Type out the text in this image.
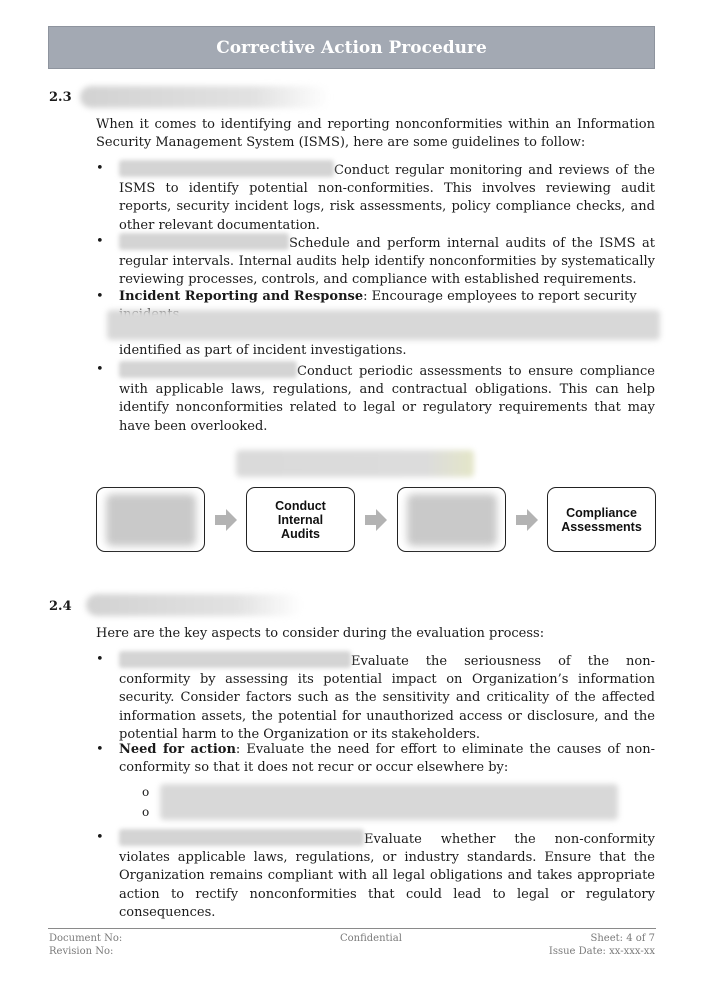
Corrective Action Procedure
2.3
When it comes to identifying and reporting nonconformities within an Information Security Management System (ISMS), here are some guidelines to follow:
•	Conduct regular monitoring and reviews of the ISMS to identify potential non-conformities. This involves reviewing audit reports, security incident logs, risk assessments, policy compliance checks, and other relevant documentation.
•	Schedule and perform internal audits of the ISMS at regular intervals. Internal audits help identify nonconformities by systematically reviewing processes, controls, and compliance with established requirements.
• Incident Reporting and Response: Encourage employees to report security
identified as part of incident investigations.
•	Conduct periodic assessments to ensure compliance with applicable laws, regulations, and contractual obligations. This can help identify nonconformities related to legal or regulatory requirements that may have been overlooked.
Conduct Internal Audits
Compliance Assessments
2.4
Here are the key aspects to consider during the evaluation process:
•	Evaluate the seriousness of the non-conformity by assessing its potential impact on Organization’s information security. Consider factors such as the sensitivity and criticality of the affected information assets, the potential for unauthorized access or disclosure, and the potential harm to the Organization or its stakeholders.
• Need for action: Evaluate the need for effort to eliminate the causes of non-conformity so that it does not recur or occur elsewhere by:
o
o
•	Evaluate whether the non-conformity violates applicable laws, regulations, or industry standards. Ensure that the Organization remains compliant with all legal obligations and takes appropriate action to rectify nonconformities that could lead to legal or regulatory consequences.
Document No:
Revision No:
Confidential	Sheet: 4 of 7
Issue Date: xx-xxx-xx
